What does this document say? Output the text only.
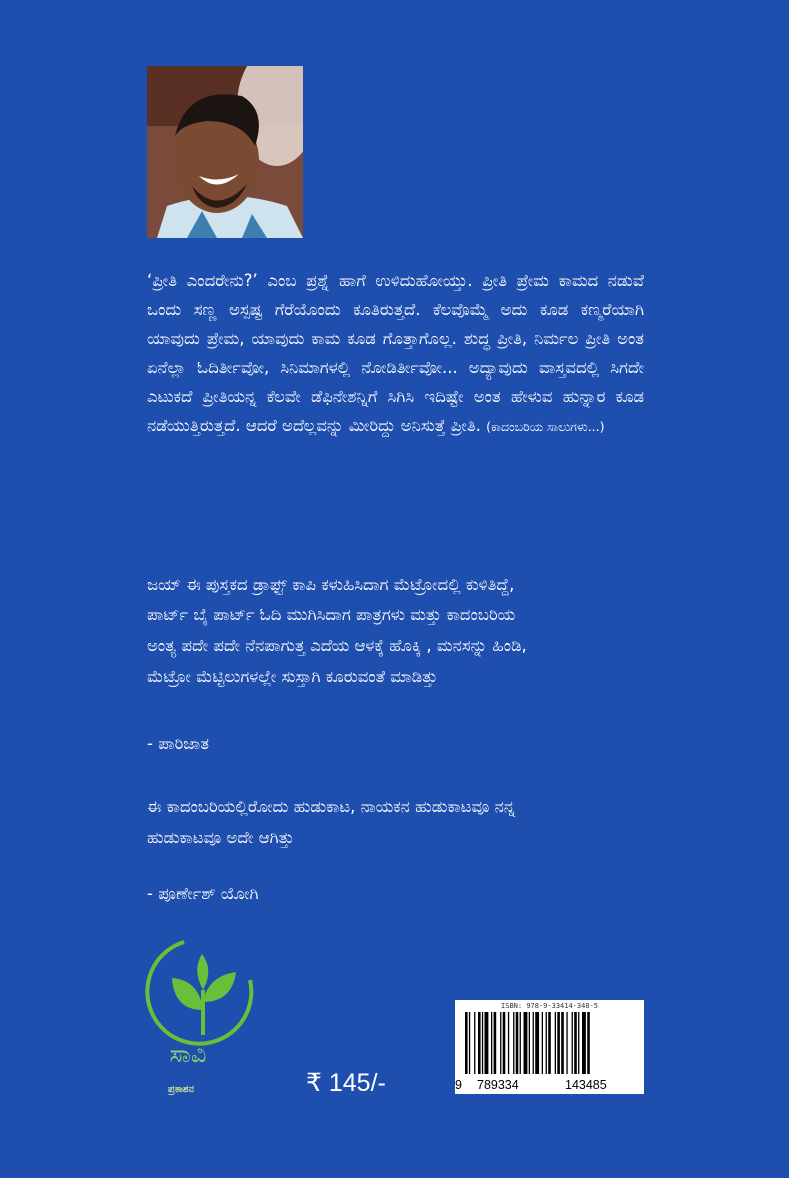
‘ಪ್ರೀತಿ ಎಂದರೇನು?’ ಎಂಬ ಪ್ರಶ್ನೆ ಹಾಗೆ ಉಳಿದುಹೋಯ್ತು. ಪ್ರೀತಿ ಪ್ರೇಮ ಕಾಮದ ನಡುವೆ ಒಂದು ಸಣ್ಣ ಅಸ್ಪಷ್ಟ ಗೆರೆಯೊಂದು ಕೂತಿರುತ್ತದೆ. ಕೆಲವೊಮ್ಮೆ ಅದು ಕೂಡ ಕಣ್ಮರೆಯಾಗಿ ಯಾವುದು ಪ್ರೇಮ, ಯಾವುದು ಕಾಮ ಕೂಡ ಗೊತ್ತಾಗೊಲ್ಲ. ಶುದ್ಧ ಪ್ರೀತಿ, ನಿರ್ಮಲ ಪ್ರೀತಿ ಅಂತ ಏನೆಲ್ಲಾ ಓದಿರ್ತೀವೋ, ಸಿನಿಮಾಗಳಲ್ಲಿ ನೋಡಿರ್ತೀವೋ... ಅದ್ಯಾವುದು ವಾಸ್ತವದಲ್ಲಿ ಸಿಗದೇ ಎಟುಕದೆ ಪ್ರೀತಿಯನ್ನ ಕೆಲವೇ ಡೆಫಿನೇಶನ್ನಿಗೆ ಸಿಗಿಸಿ ಇದಿಷ್ಟೇ ಅಂತ ಹೇಳುವ ಹುನ್ನಾರ ಕೂಡ ನಡೆಯುತ್ತಿರುತ್ತದೆ. ಆದರೆ ಅದೆಲ್ಲವನ್ನು ಮೀರಿದ್ದು ಅನಿಸುತ್ತೆ ಪ್ರೀತಿ. (ಕಾದಂಬರಿಯ ಸಾಲುಗಳು...)

ಜಯ್ ಈ ಪುಸ್ತಕದ ಡ್ರಾಫ್ಟ್ ಕಾಪಿ ಕಳುಹಿಸಿದಾಗ ಮೆಟ್ರೋದಲ್ಲಿ ಕುಳಿತಿದ್ದೆ,

ಪಾರ್ಟ್ ಬೈ ಪಾರ್ಟ್ ಓದಿ ಮುಗಿಸಿದಾಗ ಪಾತ್ರಗಳು ಮತ್ತು ಕಾದಂಬರಿಯ

ಅಂತ್ಯ ಪದೇ ಪದೇ ನೆನಪಾಗುತ್ತ ಎದೆಯ ಆಳಕ್ಕೆ ಹೊಕ್ಕಿ , ಮನಸನ್ನು ಹಿಂಡಿ,

ಮೆಟ್ರೋ ಮೆಟ್ಟಿಲುಗಳಲ್ಲೇ ಸುಸ್ತಾಗಿ ಕೂರುವಂತೆ ಮಾಡಿತ್ತು

- ಪಾರಿಜಾತ

ಈ ಕಾದಂಬರಿಯಲ್ಲಿರೋದು ಹುಡುಕಾಟ, ನಾಯಕನ ಹುಡುಕಾಟವೂ ನನ್ನ

ಹುಡುಕಾಟವೂ ಅದೇ ಆಗಿತ್ತು

- ಪೂರ್ಣೇಶ್ ಯೋಗಿ

ಸಾವಿ

ಪ್ರಕಾಶನ	₹ 145/-

ISBN: 978-9-33414-348-5
9 789334	143485
